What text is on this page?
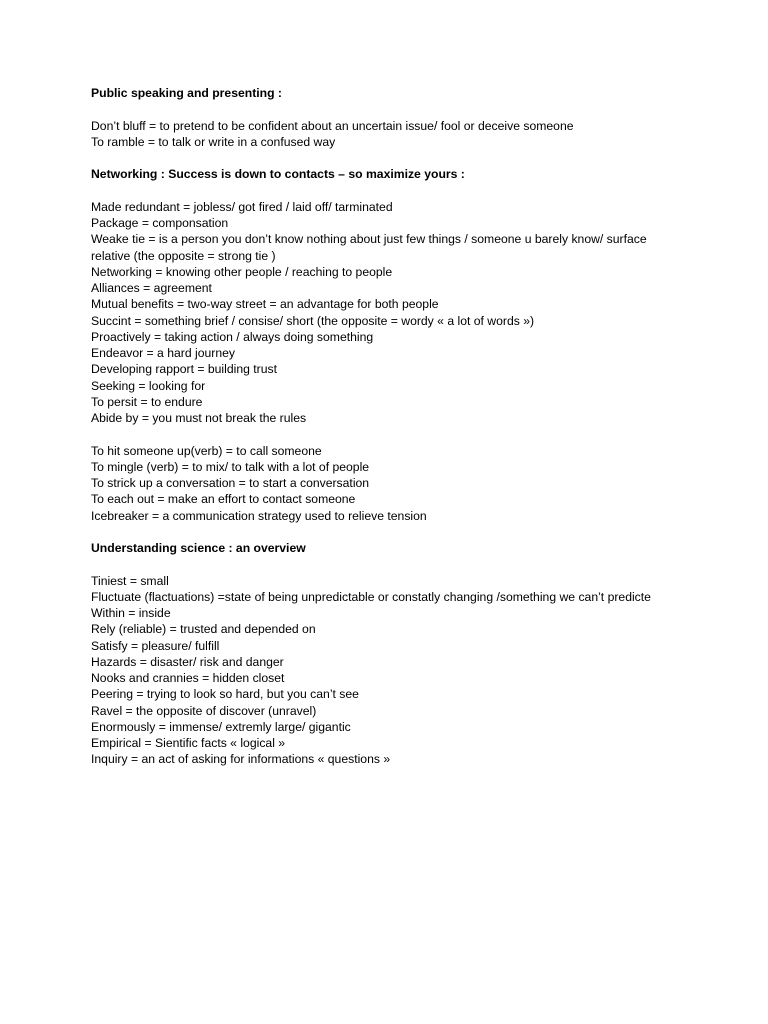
Public speaking and presenting :

Don’t bluff = to pretend to be confident about an uncertain issue/ fool or deceive someone

To ramble = to talk or write in a confused way

Networking : Success is down to contacts – so maximize yours :

Made redundant = jobless/ got fired / laid off/ tarminated

Package = componsation

Weake tie = is a person you don’t know nothing about just few things / someone u barely know/ surface relative (the opposite = strong tie )

Networking = knowing other people / reaching to people

Alliances = agreement

Mutual benefits = two-way street = an advantage for both people

Succint = something brief / consise/ short (the opposite = wordy « a lot of words »)

Proactively = taking action / always doing something

Endeavor = a hard journey

Developing rapport = building trust

Seeking = looking for

To persit = to endure

Abide by = you must not break the rules

To hit someone up(verb) = to call someone

To mingle (verb) = to mix/ to talk with a lot of people

To strick up a conversation = to start a conversation

To each out = make an effort to contact someone

Icebreaker = a communication strategy used to relieve tension

Understanding science : an overview

Tiniest = small

Fluctuate (flactuations) =state of being unpredictable or constatly changing /something we can’t predicte

Within = inside

Rely (reliable) = trusted and depended on

Satisfy = pleasure/ fulfill

Hazards = disaster/ risk and danger

Nooks and crannies = hidden closet

Peering = trying to look so hard, but you can’t see

Ravel = the opposite of discover (unravel)

Enormously = immense/ extremly large/ gigantic

Empirical = Sientific facts « logical »

Inquiry = an act of asking for informations « questions »
